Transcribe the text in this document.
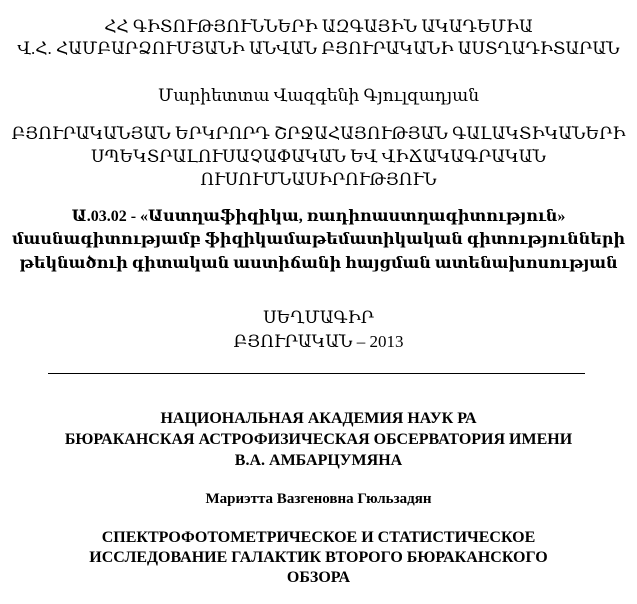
ՀՀ ԳԻՏՈՒԹՅՈՒՆՆԵՐԻ ԱԶԳԱՅԻՆ ԱԿԱԴԵՄԻԱ
Վ.Հ. ՀԱՄԲԱՐՁՈՒՄՅԱՆԻ ԱՆՎԱՆ ԲՅՈՒՐԱԿԱՆԻ ԱՍՏՂԱԴԻՏԱՐԱՆ
Մարիետտա Վազգենի Գյուլզադյան
ԲՅՈՒՐԱԿԱՆՅԱՆ ԵՐԿՐՈՐԴ ՇՐՋԱՀԱՅՈՒԹՅԱՆ ԳԱԼԱԿՏԻԿԱՆԵՐԻ
ՍՊԵԿՏՐԱԼՈՒՍԱՉԱՓԱԿԱՆ ԵՎ ՎԻՃԱԿԱԳՐԱԿԱՆ
ՈՒՍՈՒՄՆԱՍԻՐՈՒԹՅՈՒՆ
Ա.03.02 - «Աստղաֆիզիկա, ռադիոաստղագիտություն»
մասնագիտությամբ ֆիզիկամաթեմատիկական գիտությունների
թեկնածուի գիտական աստիճանի հայցման ատենախոսության
ՍԵՂՄԱԳԻՐ
ԲՅՈՒՐԱԿԱՆ – 2013
НАЦИОНАЛЬНАЯ АКАДЕМИЯ НАУК РА
БЮРАКАНСКАЯ АСТРОФИЗИЧЕСКАЯ ОБСЕРВАТОРИЯ ИМЕНИ
В.А. АМБАРЦУМЯНА
Мариэтта Вазгеновна Гюльзадян
СПЕКТРОФОТОМЕТРИЧЕСКОЕ И СТАТИСТИЧЕСКОЕ
ИССЛЕДОВАНИЕ ГАЛАКТИК ВТОРОГО БЮРАКАНСКОГО
ОБЗОРА
